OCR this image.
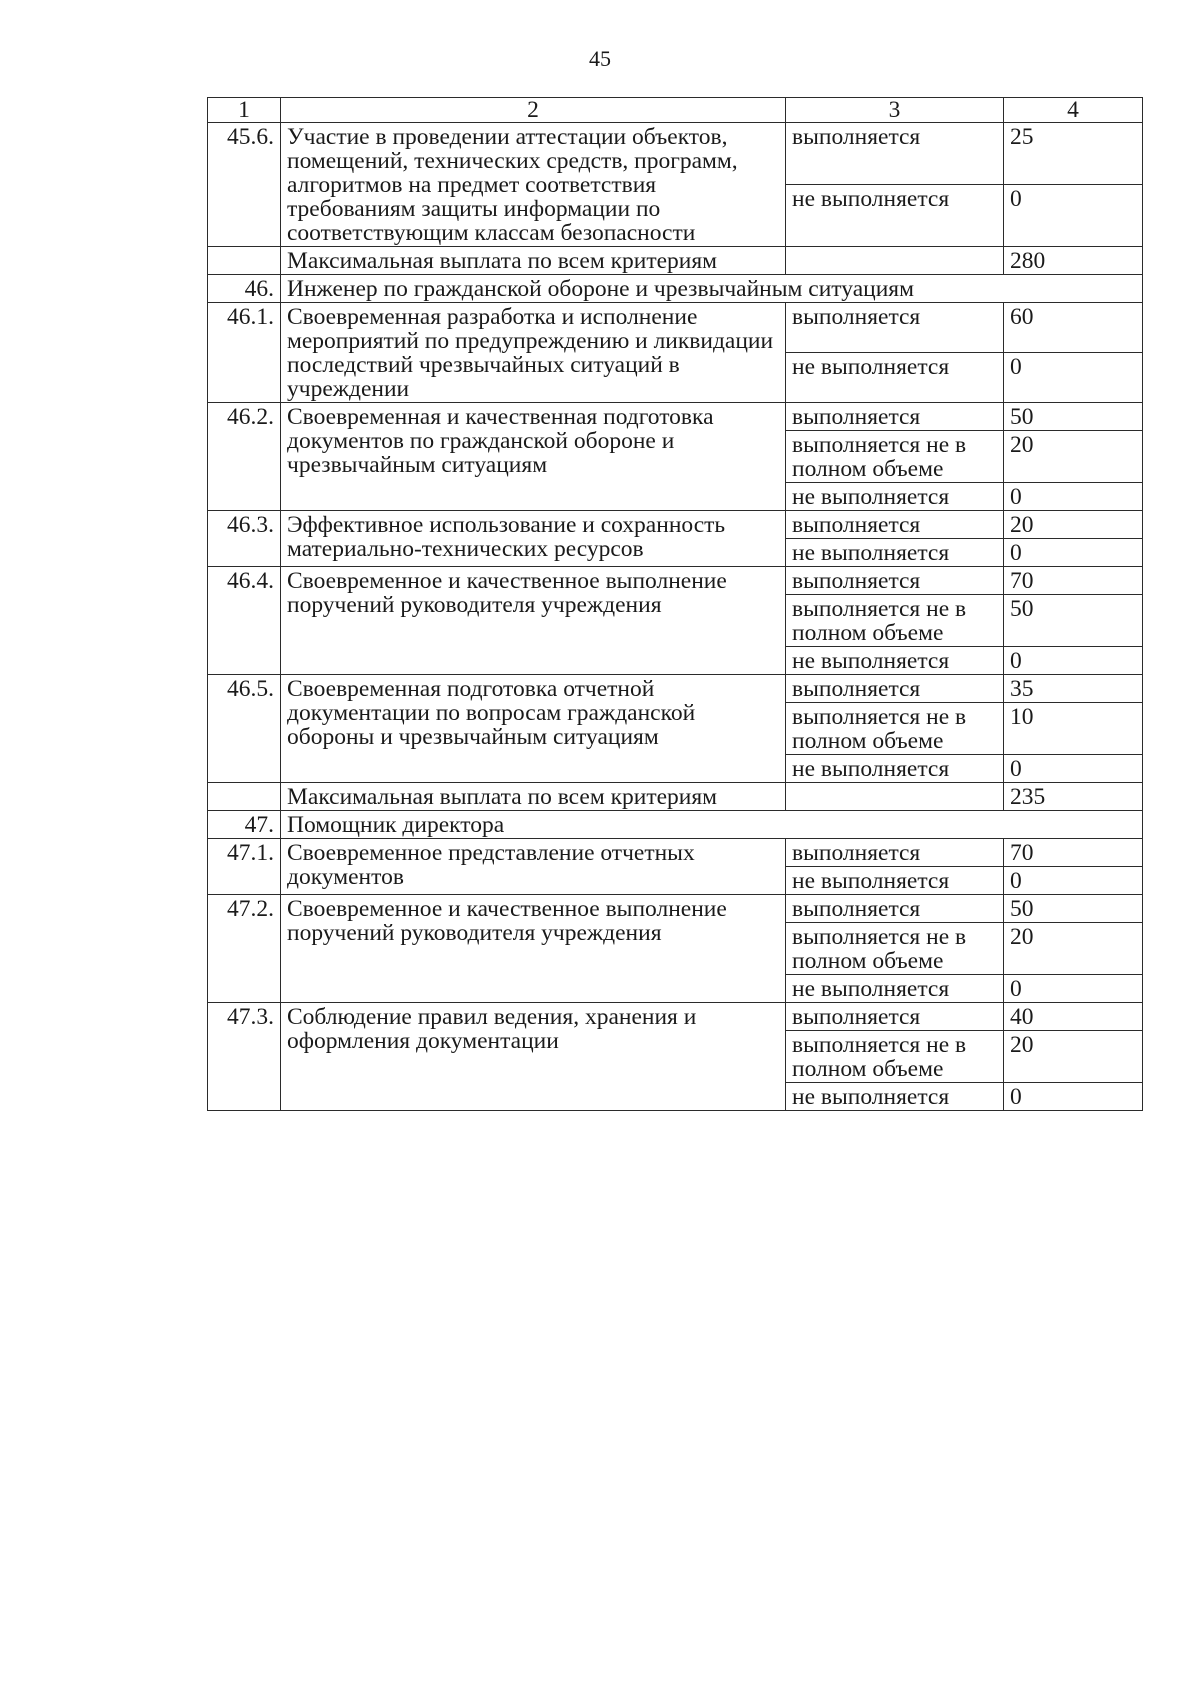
45
1	2	3	4
45.6.	Участие в проведении аттестации объектов, помещений, технических средств, программ, алгоритмов на предмет соответствия требованиям защиты информации по соответствующим классам безопасности	выполняется	25
		не выполняется	0
	Максимальная выплата по всем критериям		280
46.	Инженер по гражданской обороне и чрезвычайным ситуациям		
46.1.	Своевременная разработка и исполнение мероприятий по предупреждению и ликвидации последствий чрезвычайных ситуаций в учреждении	выполняется	60
		не выполняется	0
46.2.	Своевременная и качественная подготовка документов по гражданской обороне и чрезвычайным ситуациям	выполняется	50
		выполняется не в полном объеме	20
		не выполняется	0
46.3.	Эффективное использование и сохранность материально-технических ресурсов	выполняется	20
		не выполняется	0
46.4.	Своевременное и качественное выполнение поручений руководителя учреждения	выполняется	70
		выполняется не в полном объеме	50
		не выполняется	0
46.5.	Своевременная подготовка отчетной документации по вопросам гражданской обороны и чрезвычайным ситуациям	выполняется	35
		выполняется не в полном объеме	10
		не выполняется	0
	Максимальная выплата по всем критериям		235
47.	Помощник директора		
47.1.	Своевременное представление отчетных документов	выполняется	70
		не выполняется	0
47.2.	Своевременное и качественное выполнение поручений руководителя учреждения	выполняется	50
		выполняется не в полном объеме	20
		не выполняется	0
47.3.	Соблюдение правил ведения, хранения и оформления документации	выполняется	40
		выполняется не в полном объеме	20
		не выполняется	0
